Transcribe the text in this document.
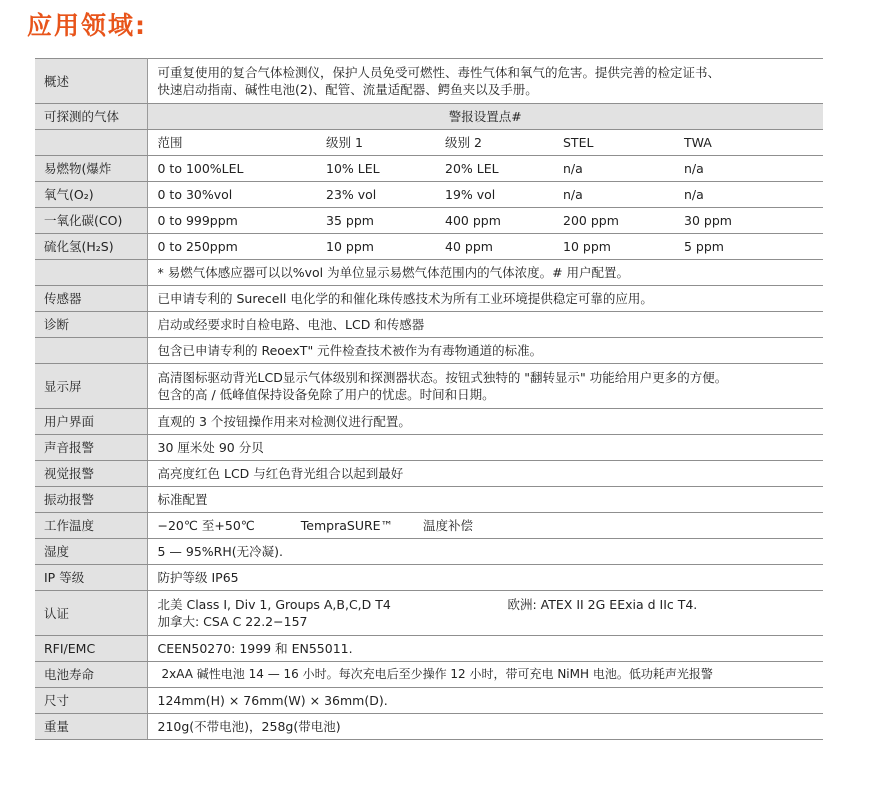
应用领域:
概述	可重复使用的复合气体检测仪，保护人员免受可燃性、毒性气体和氧气的危害。提供完善的检定证书、
快速启动指南、碱性电池(2)、配管、流量适配器、鳄鱼夹以及手册。				

可探测的气体	警报设置点#				
	范围	级别 1	级别 2	STEL	TWA
易燃物(爆炸	0 to 100%LEL	10% LEL	20% LEL	n/a	n/a
氧气(O₂)	0 to 30%vol	23% vol	19% vol	n/a	n/a
一氧化碳(CO)	0 to 999ppm	35 ppm	400 ppm	200 ppm	30 ppm
硫化氢(H₂S)	0 to 250ppm	10 ppm	40 ppm	10 ppm	5 ppm
	* 易燃气体感应器可以以%vol 为单位显示易燃气体范围内的气体浓度。# 用户配置。				
传感器	已申请专利的 Surecell 电化学的和催化珠传感技术为所有工业环境提供稳定可靠的应用。				
诊断	启动或经要求时自检电路、电池、LCD 和传感器				
	包含已申请专利的 ReoexT" 元件检查技术被作为有毒物通道的标准。				
显示屏	高清图标驱动背光LCD显示气体级别和探测器状态。按钮式独特的 "翻转显示" 功能给用户更多的方便。
包含的高 / 低峰值保持设备免除了用户的忧虑。时间和日期。				

用户界面	直观的 3 个按钮操作用来对检测仪进行配置。				
声音报警	30 厘米处 90 分贝				
视觉报警	高亮度红色 LCD 与红色背光组合以起到最好				
振动报警	标准配置				
工作温度	−20℃ 至+50℃ TempraSURE™ 温度补偿				
湿度	5 — 95%RH(无冷凝).				
IP 等级	防护等级 IP65				
认证	北美 Class I, Div 1, Groups A,B,C,D T4 欧洲: ATEX II 2G EExia d IIc T4.
加拿大: CSA C 22.2−157				

RFI/EMC	CEEN50270: 1999 和 EN55011.				
电池寿命	2xAA 碱性电池 14 — 16 小时。每次充电后至少操作 12 小时，带可充电 NiMH 电池。低功耗声光报警				
尺寸	124mm(H) × 76mm(W) × 36mm(D).				
重量	210g(不带电池)，258g(带电池)				
